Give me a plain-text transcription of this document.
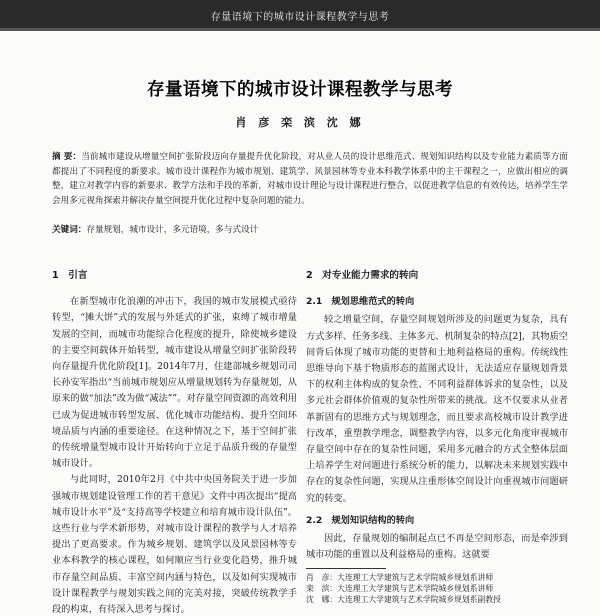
存量语境下的城市设计课程教学与思考
存量语境下的城市设计课程教学与思考
肖 彦 栾 滨 沈 娜
摘 要：当前城市建设从增量空间扩张阶段迈向存量提升优化阶段，对从业人员的设计思维范式、规划知识结构以及专业能力素质等方面都提出了不同程度的新要求。城市设计课程作为城市规划、建筑学、风景园林等专业本科教学体系中的主干课程之一，应做出相应的调整，建立对教学内容的新要求、教学方法和手段的革新，对城市设计理论与设计课程进行整合，以促进教学信息的有效传达，培养学生学会用多元视角探索并解决存量空间提升优化过程中复杂问题的能力。
关键词：存量规划，城市设计，多元语境，多与式设计
1　引言

在新型城市化浪潮的冲击下，我国的城市发展模式亟待转型，“摊大饼”式的发展与外延式的扩张，束缚了城市增量发展的空间，而城市功能综合化程度的提升，除使城乡建设的主要空间载体开始转型，城市建设从增量空间扩张阶段转向存量提升优化阶段[1]。2014年7月，住建部城乡规划司司长孙安军指出“当前城市规划应从增量规划转为存量规划，从原来的做“加法”改为做“减法””。对存量空间资源的高效利用已成为促进城市转型发展、优化城市功能结构、提升空间环境品质与内涵的重要途径。在这种情况之下，基于空间扩张的传统增量型城市设计开始转向于立足于品质升级的存量型城市设计。

与此同时，2010年2月《中共中央国务院关于进一步加强城市规划建设管理工作的若干意见》文件中再次提出“提高城市设计水平”及“支持高等学校建立和培育城市设计队伍”。这些行业与学术新形势，对城市设计课程的教学与人才培养提出了更高要求。作为城乡规划、建筑学以及风景园林等专业本科教学的核心课程，如何顺应当行业变化趋势，推升城市存量空间品质、丰富空间内涵与特色，以及如何实现城市设计课程教学与规划实践之间的完美对接，突破传统教学手段的构束，有待深入思考与探讨。

2　对专业能力需求的转向
2.1　规划思维范式的转向

较之增量空间，存量空间规划所涉及的问题更为复杂，具有方式多样、任务多线、主体多元、机制复杂的特点[2]，其物质空间背后体现了城市功能的更替和土地利益格局的重构。传统线性思维导向下基于物质形态的蓝图式设计，无法适应存量规划背景下的权利主体构成的复杂性、不同利益群体诉求的复杂性，以及多元社会群体价值观的复杂性所带来的挑战。这不仅要求从业者革新固有的思维方式与规划理念，而且要求高校城市设计教学进行改革，重塑教学理念，调整教学内容，以多元化角度审视城市存量空间中存在的复杂性问题，采用多元融合的方式全整体层面上培养学生对问题进行系统分析的能力，以解决未来规划实践中存在的复杂性问题，实现从注重形体空间设计向重视城市问题研究的转变。

2.2　规划知识结构的转向

因此，存量规划的编制起点已不再是空间形态，而是牵涉到城市功能的重置以及利益格局的重构。这就要

肖　彦：大连理工大学建筑与艺术学院城乡规划系讲师
栾　滨：大连理工大学建筑与艺术学院城乡规划系讲师
沈　娜：大连理工大学建筑与艺术学院城乡规划系副教授
